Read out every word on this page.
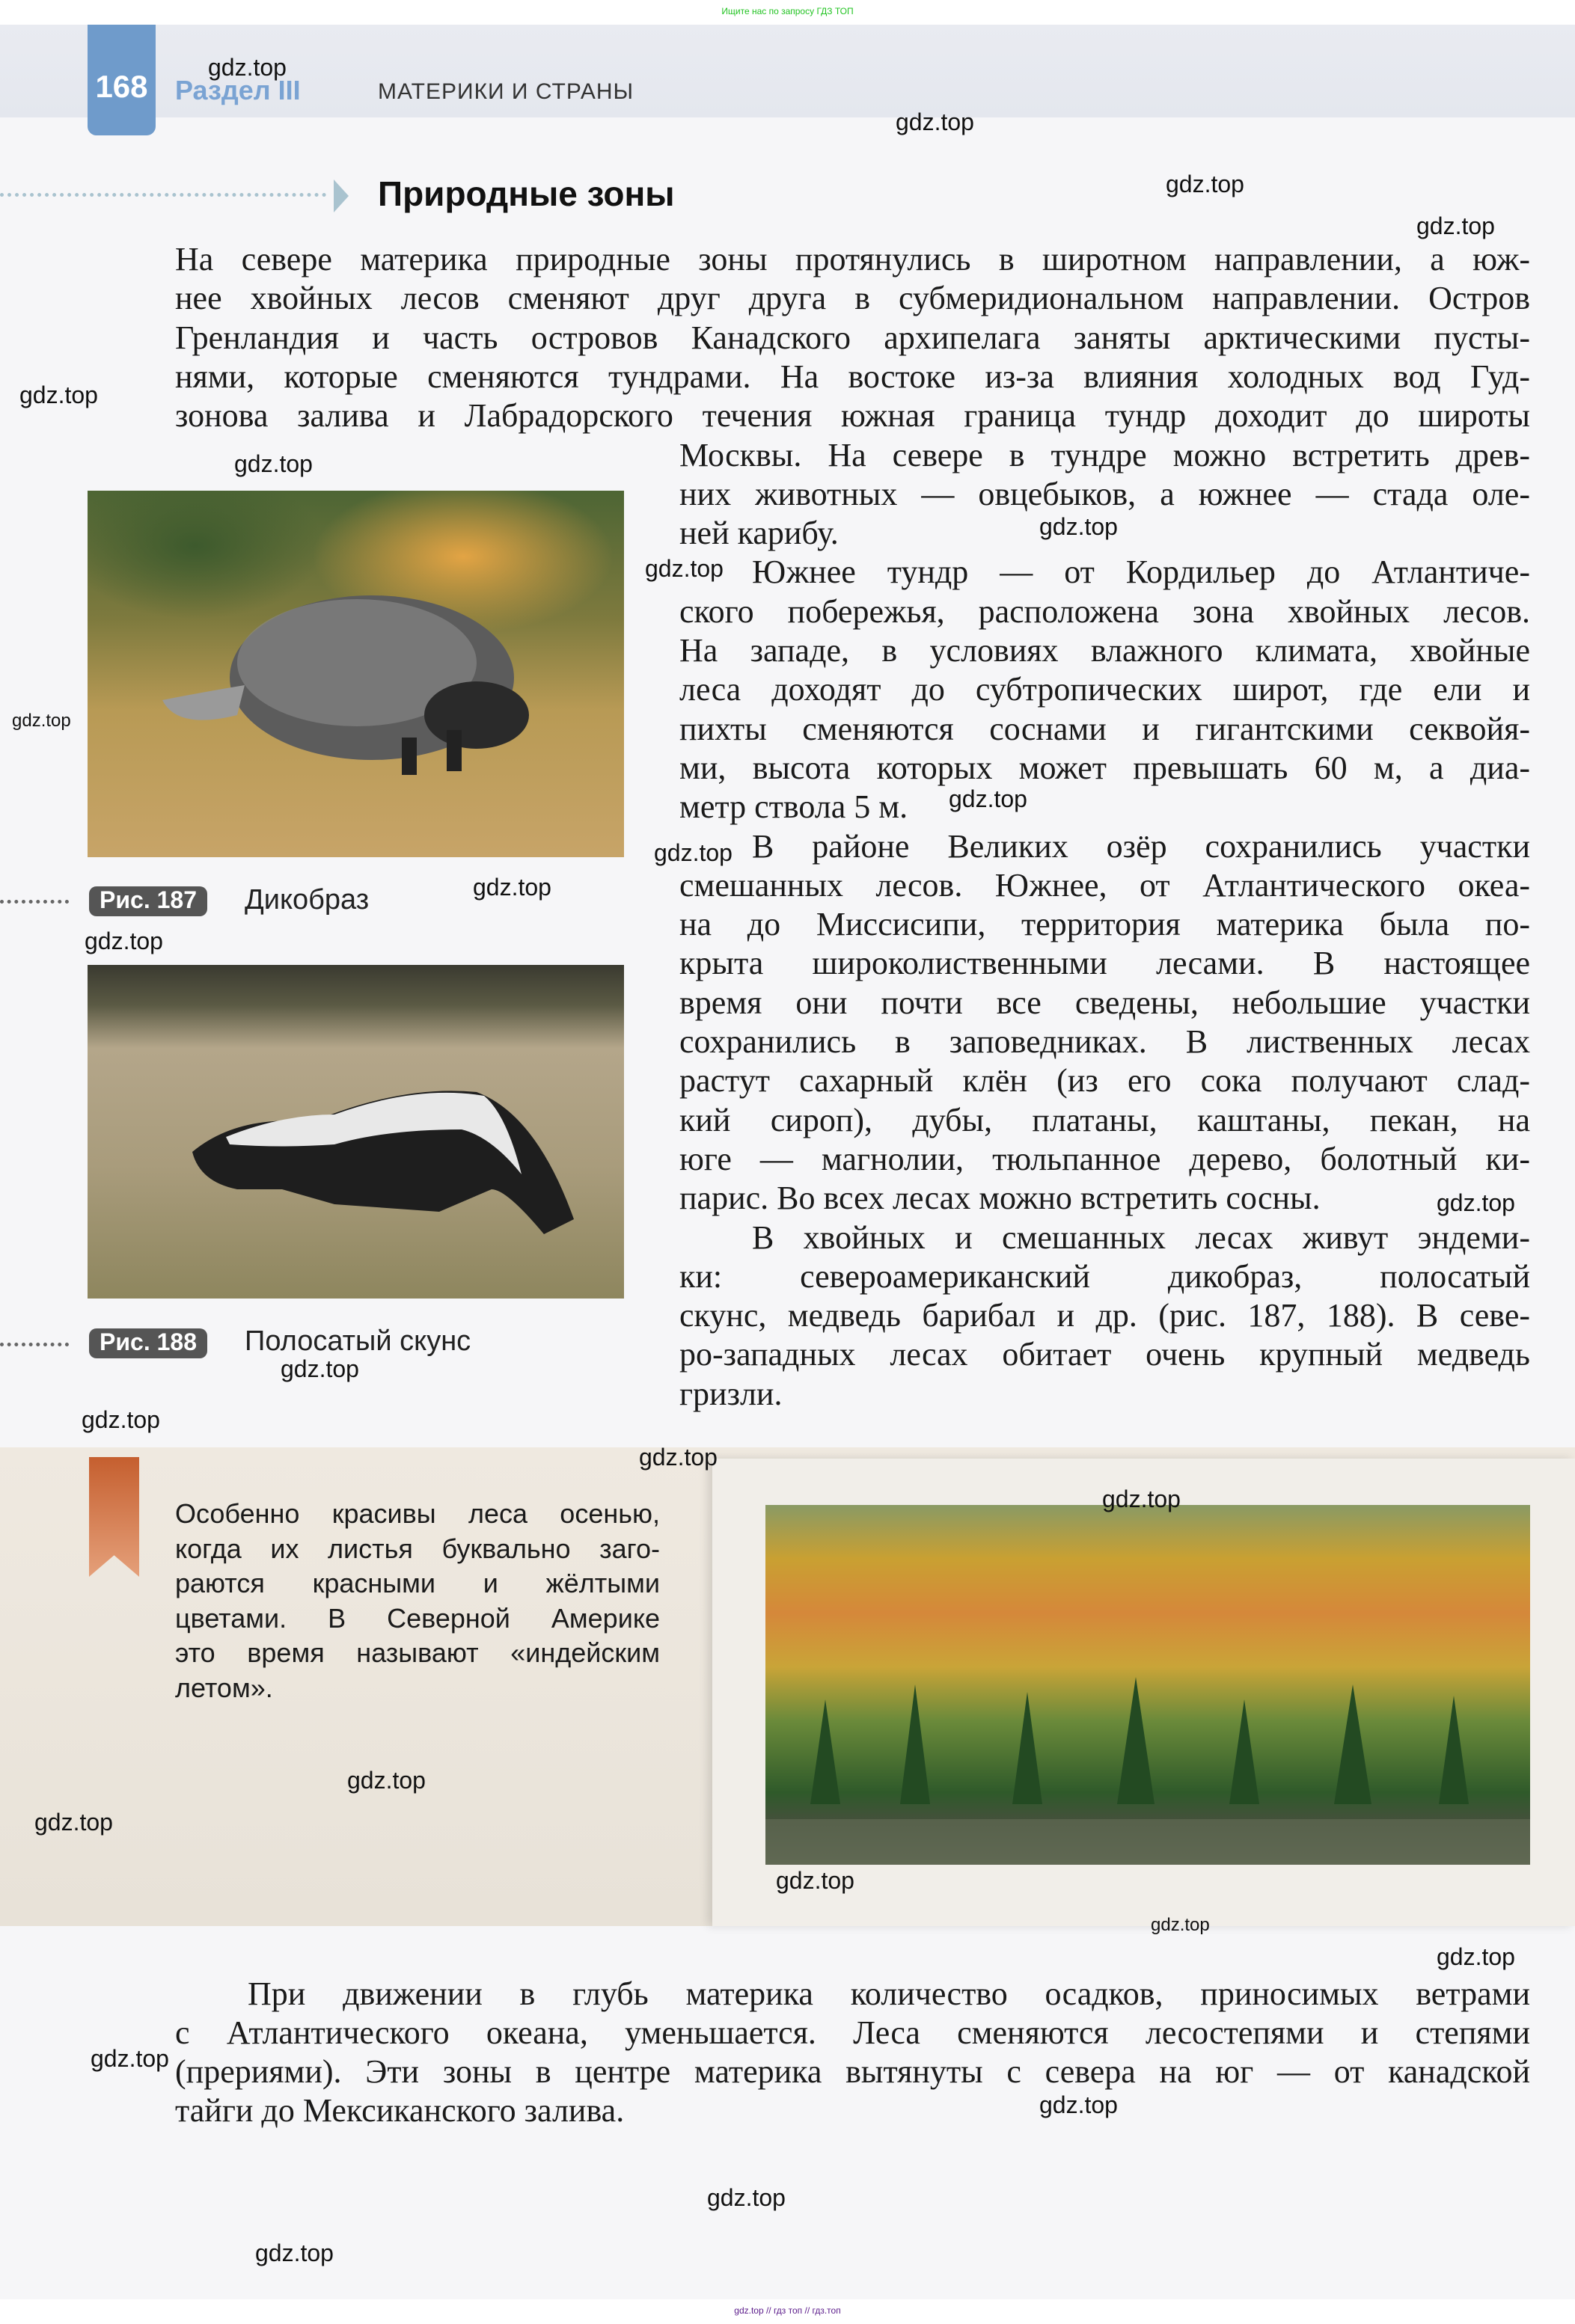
Ищите нас по запросу ГДЗ ТОП
168 Раздел III	МАТЕРИКИ И СТРАНЫ
Природные зоны
На севере материка природные зоны протянулись в широтном направлении, а юж-
нее хвойных лесов сменяют друг друга в субмеридиональном направлении. Остров
Гренландия и часть островов Канадского архипелага заняты арктическими пусты-
нями, которые сменяются тундрами. На востоке из-за влияния холодных вод Гуд-
зонова залива и Лабрадорского течения южная граница тундр доходит до широты
Москвы. На севере в тундре можно встретить древ-
них животных — овцебыков, а южнее — стада оле-
ней карибу.
Южнее тундр — от Кордильер до Атлантиче-
ского побережья, расположена зона хвойных лесов.
На западе, в условиях влажного климата, хвойные
леса доходят до субтропических широт, где ели и
пихты сменяются соснами и гигантскими секвойя-
ми, высота которых может превышать 60 м, а диа-
метр ствола 5 м.
В районе Великих озёр сохранились участки
смешанных лесов. Южнее, от Атлантического океа-
на до Миссисипи, территория материка была по-
крыта широколиственными лесами. В настоящее
время они почти все сведены, небольшие участки
сохранились в заповедниках. В лиственных лесах
растут сахарный клён (из его сока получают слад-
кий сироп), дубы, платаны, каштаны, пекан, на
юге — магнолии, тюльпанное дерево, болотный ки-
парис. Во всех лесах можно встретить сосны.
В хвойных и смешанных лесах живут эндеми-
ки: североамериканский дикобраз, полосатый
скунс, медведь барибал и др. (рис. 187, 188). В севе-
ро-западных лесах обитает очень крупный медведь
гризли.
Рис. 187	Дикобраз
Рис. 188	Полосатый скунс
Особенно красивы леса осенью,
когда их листья буквально заго-
раются красными и жёлтыми
цветами. В Северной Америке
это время называют «индейским
летом».
При движении в глубь материка количество осадков, приносимых ветрами
с Атлантического океана, уменьшается. Леса сменяются лесостепями и степями
(прериями). Эти зоны в центре материка вытянуты с севера на юг — от канадской
тайги до Мексиканского залива.
gdz.top
gdz.top
gdz.top
gdz.top
gdz.top
gdz.top
gdz.top
gdz.top
gdz.top
gdz.top
gdz.top
gdz.top
gdz.top
gdz.top
gdz.top
gdz.top
gdz.top
gdz.top
gdz.top
gdz.top
gdz.top
gdz.top
gdz.top
gdz.top
gdz.top
gdz.top
gdz.top
gdz.top // гдз топ // гдз.топ
